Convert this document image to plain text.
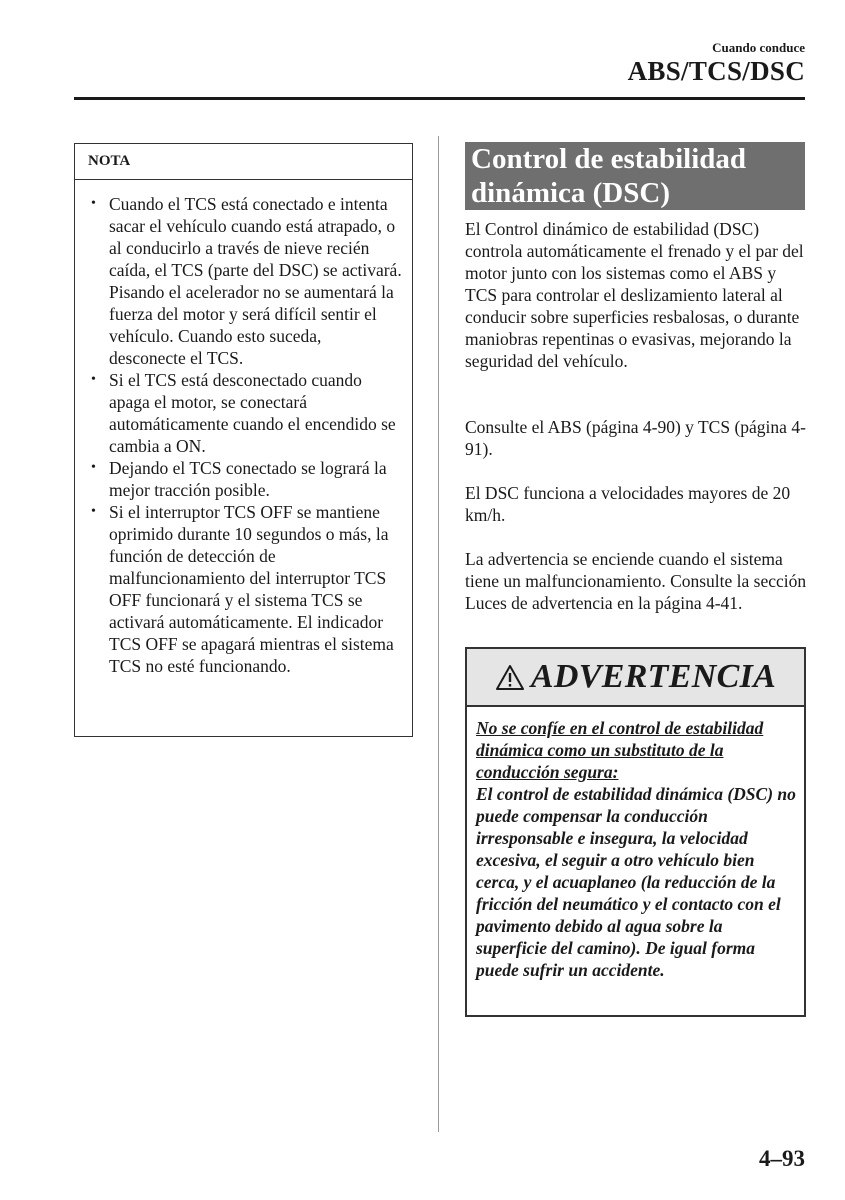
Cuando conduce
ABS/TCS/DSC
NOTA
• Cuando el TCS está conectado e intenta sacar el vehículo cuando está atrapado, o al conducirlo a través de nieve recién caída, el TCS (parte del DSC) se activará. Pisando el acelerador no se aumentará la fuerza del motor y será difícil sentir el vehículo. Cuando esto suceda, desconecte el TCS.
• Si el TCS está desconectado cuando apaga el motor, se conectará automáticamente cuando el encendido se cambia a ON.
• Dejando el TCS conectado se logrará la mejor tracción posible.
• Si el interruptor TCS OFF se mantiene oprimido durante 10 segundos o más, la función de detección de malfuncionamiento del interruptor TCS OFF funcionará y el sistema TCS se activará automáticamente. El indicador TCS OFF se apagará mientras el sistema TCS no esté funcionando.
Control de estabilidad dinámica (DSC)

El Control dinámico de estabilidad (DSC) controla automáticamente el frenado y el par del motor junto con los sistemas como el ABS y TCS para controlar el deslizamiento lateral al conducir sobre superficies resbalosas, o durante maniobras repentinas o evasivas, mejorando la seguridad del vehículo.

Consulte el ABS (página 4-90) y TCS (página 4-91).

El DSC funciona a velocidades mayores de 20 km/h.

La advertencia se enciende cuando el sistema tiene un malfuncionamiento. Consulte la sección Luces de advertencia en la página 4-41.

ADVERTENCIA
No se confíe en el control de estabilidad dinámica como un substituto de la conducción segura:
El control de estabilidad dinámica (DSC) no puede compensar la conducción irresponsable e insegura, la velocidad excesiva, el seguir a otro vehículo bien cerca, y el acuaplaneo (la reducción de la fricción del neumático y el contacto con el pavimento debido al agua sobre la superficie del camino). De igual forma puede sufrir un accidente.
4–93
